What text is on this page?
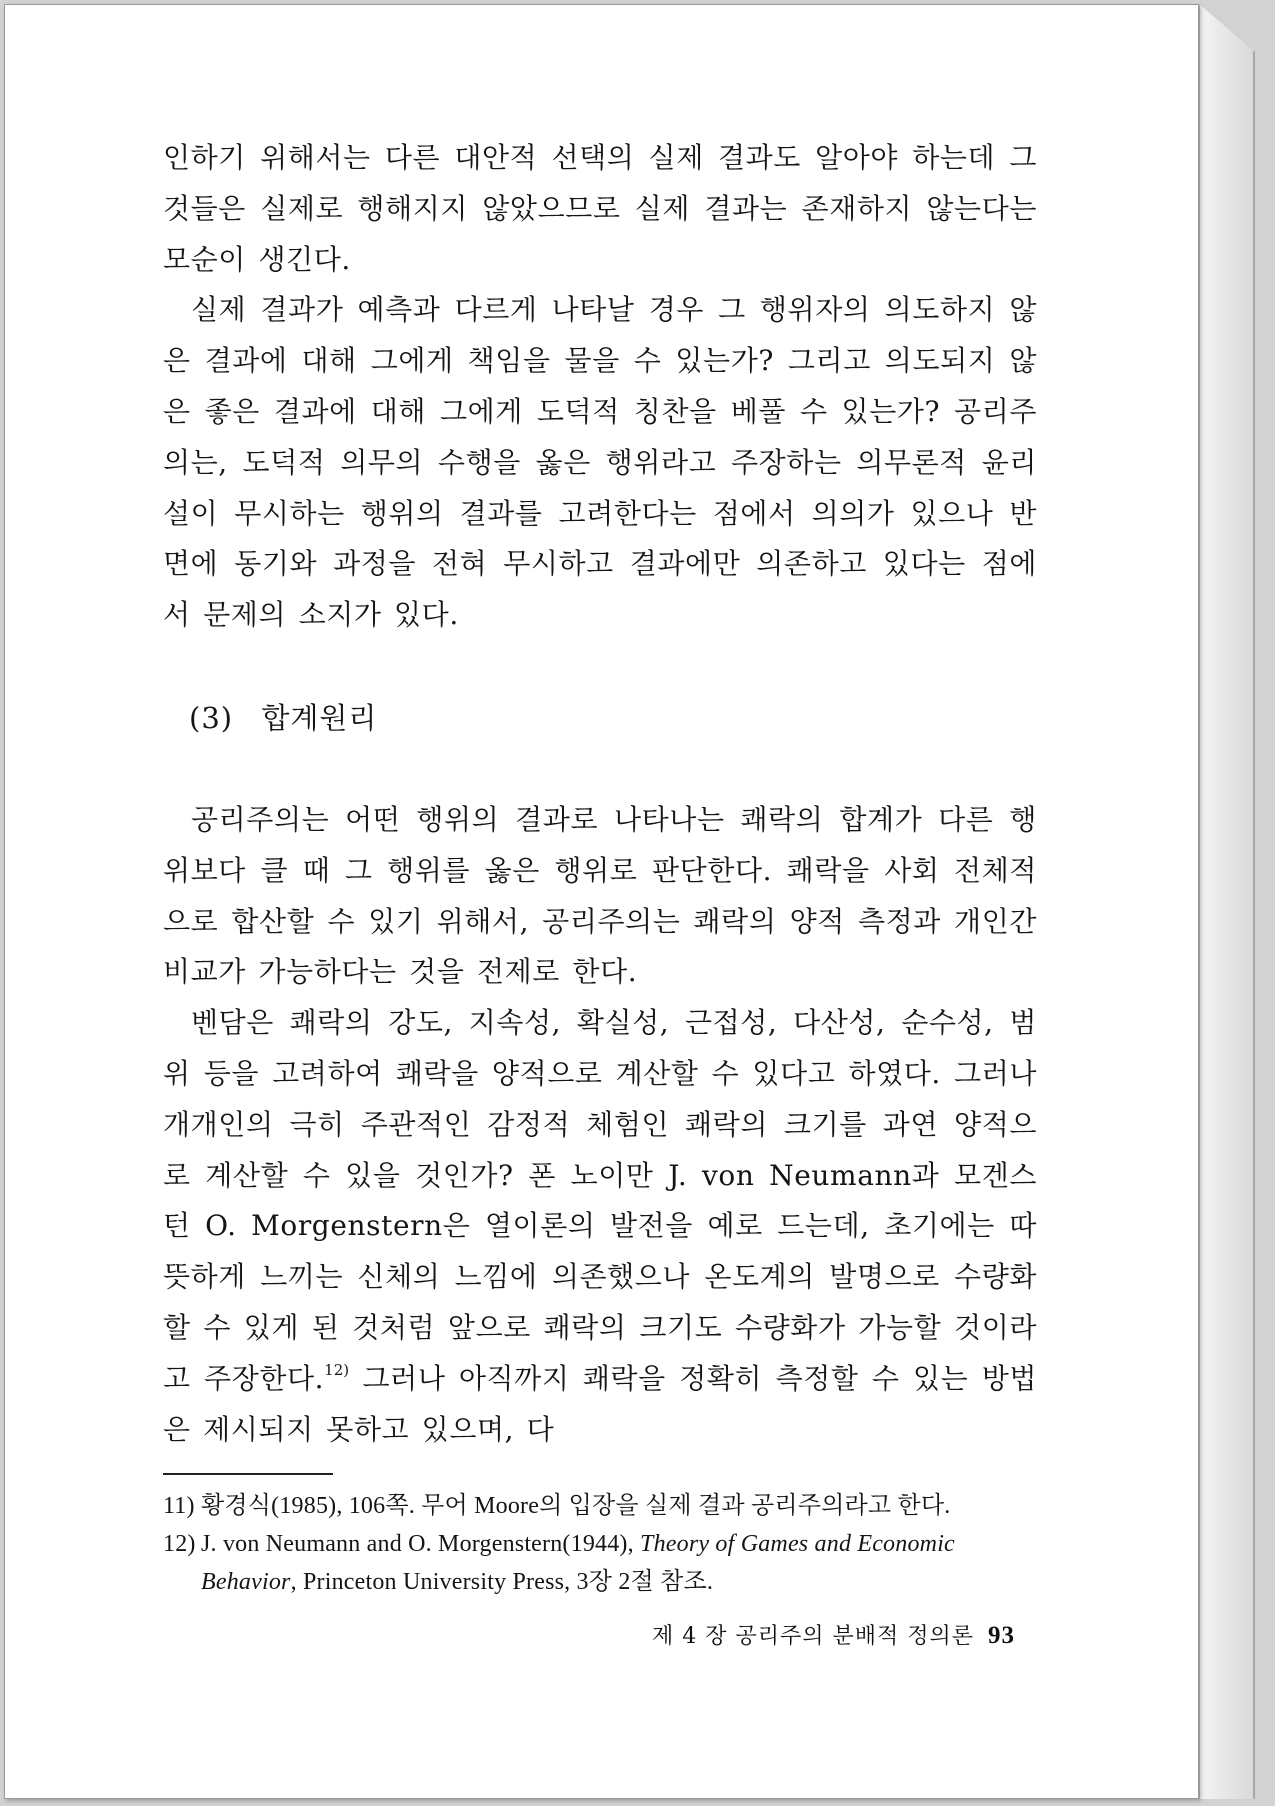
인하기 위해서는 다른 대안적 선택의 실제 결과도 알아야 하는데 그것들은 실제로 행해지지 않았으므로 실제 결과는 존재하지 않는다는 모순이 생긴다.

실제 결과가 예측과 다르게 나타날 경우 그 행위자의 의도하지 않은 결과에 대해 그에게 책임을 물을 수 있는가? 그리고 의도되지 않은 좋은 결과에 대해 그에게 도덕적 칭찬을 베풀 수 있는가? 공리주의는, 도덕적 의무의 수행을 옳은 행위라고 주장하는 의무론적 윤리설이 무시하는 행위의 결과를 고려한다는 점에서 의의가 있으나 반면에 동기와 과정을 전혀 무시하고 결과에만 의존하고 있다는 점에서 문제의 소지가 있다.

(3) 합계원리

공리주의는 어떤 행위의 결과로 나타나는 쾌락의 합계가 다른 행위보다 클 때 그 행위를 옳은 행위로 판단한다. 쾌락을 사회 전체적으로 합산할 수 있기 위해서, 공리주의는 쾌락의 양적 측정과 개인간 비교가 가능하다는 것을 전제로 한다.

벤담은 쾌락의 강도, 지속성, 확실성, 근접성, 다산성, 순수성, 범위 등을 고려하여 쾌락을 양적으로 계산할 수 있다고 하였다. 그러나 개개인의 극히 주관적인 감정적 체험인 쾌락의 크기를 과연 양적으로 계산할 수 있을 것인가? 폰 노이만 J. von Neumann과 모겐스턴 O. Morgenstern은 열이론의 발전을 예로 드는데, 초기에는 따뜻하게 느끼는 신체의 느낌에 의존했으나 온도계의 발명으로 수량화할 수 있게 된 것처럼 앞으로 쾌락의 크기도 수량화가 가능할 것이라고 주장한다.$^{12)}$ 그러나 아직까지 쾌락을 정확히 측정할 수 있는 방법은 제시되지 못하고 있으며, 다

11) 황경식(1985), 106쪽. 무어 Moore의 입장을 실제 결과 공리주의라고 한다.

12) J. von Neumann and O. Morgenstern(1944), Theory of Games and Economic Behavior, Princeton University Press, 3장 2절 참조.

제 4 장 공리주의 분배적 정의론 93
